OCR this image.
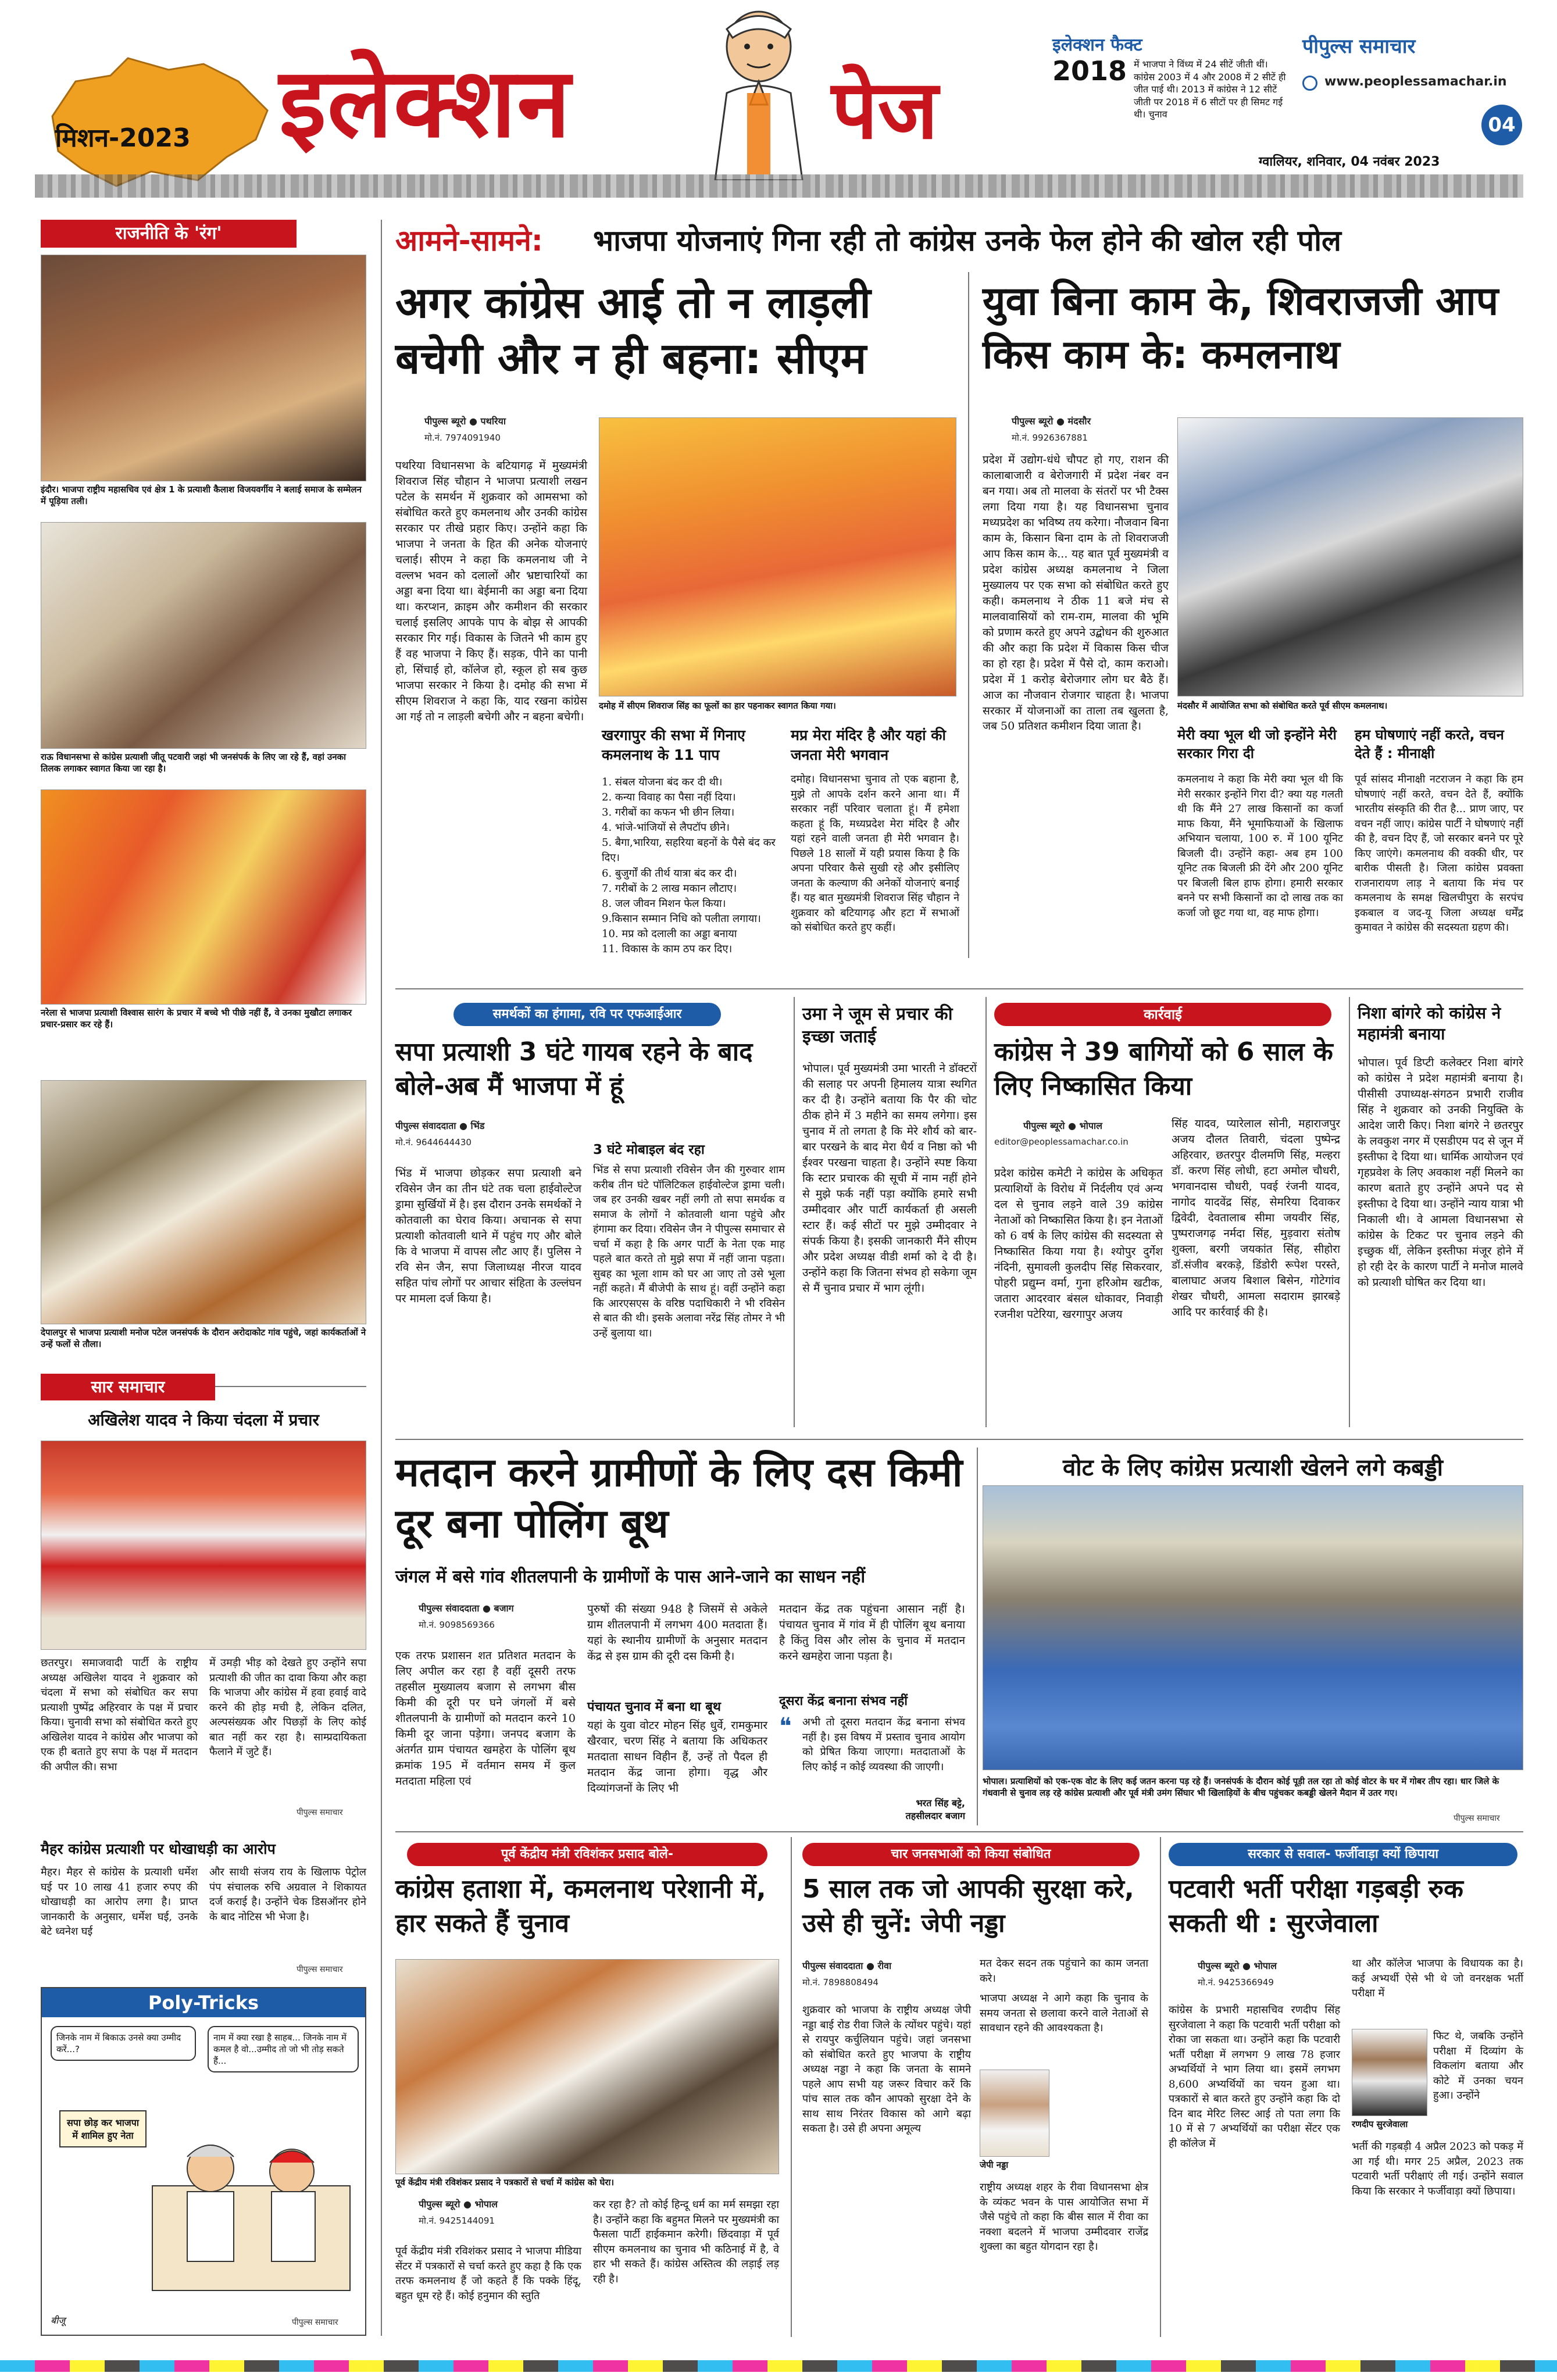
मिशन-2023 इलेक्शन	पेज
इलेक्शन फैक्ट
2018 में भाजपा ने विंध्य में 24 सीटें जीती थीं। कांग्रेस 2003 में 4 और 2008 में 2 सीटें ही जीत पाई थी। 2013 में कांग्रेस ने 12 सीटें जीती पर 2018 में 6 सीटों पर ही सिमट गई थी। चुनाव
पीपुल्स समाचार
www.peoplessamachar.in
04
ग्वालियर, शनिवार, 04 नवंबर 2023
राजनीति के 'रंग'
इंदौर। भाजपा राष्ट्रीय महासचिव एवं क्षेत्र 1 के प्रत्याशी कैलाश विजयवर्गीय ने बलाई समाज के सम्मेलन में पूड़िया तली।
राऊ विधानसभा से कांग्रेस प्रत्याशी जीतू पटवारी जहां भी जनसंपर्क के लिए जा रहे हैं, वहां उनका तिलक लगाकर स्वागत किया जा रहा है।
नरेला से भाजपा प्रत्याशी विश्वास सारंग के प्रचार में बच्चे भी पीछे नहीं हैं, वे उनका मुखौटा लगाकर प्रचार-प्रसार कर रहे हैं।
देपालपुर से भाजपा प्रत्याशी मनोज पटेल जनसंपर्क के दौरान अरोदाकोट गांव पहुंचे, जहां कार्यकर्ताओं ने उन्हें फलों से तौला।
सार समाचार
अखिलेश यादव ने किया चंदला में प्रचार
छतरपुर। समाजवादी पार्टी के राष्ट्रीय अध्यक्ष अखिलेश यादव ने शुक्रवार को चंदला में सभा को संबोधित कर सपा प्रत्याशी पुष्पेंद्र अहिरवार के पक्ष में प्रचार किया। चुनावी सभा को संबोधित करते हुए अखिलेश यादव ने कांग्रेस और भाजपा को एक ही बताते हुए सपा के पक्ष में मतदान की अपील की। सभा
में उमड़ी भीड़ को देखते हुए उन्होंने सपा प्रत्याशी की जीत का दावा किया और कहा कि भाजपा और कांग्रेस में हवा हवाई वादे करने की होड़ मची है, लेकिन दलित, अल्पसंख्यक और पिछड़ों के लिए कोई बात नहीं कर रहा है। साम्प्रदायिकता फैलाने में जुटे हैं।
पीपुल्स समाचार
मैहर कांग्रेस प्रत्याशी पर धोखाधड़ी का आरोप
मैहर। मैहर से कांग्रेस के प्रत्याशी धर्मेश घई पर 10 लाख 41 हजार रुपए की धोखाधड़ी का आरोप लगा है। प्राप्त जानकारी के अनुसार, धर्मेश घई, उनके बेटे ध्वनेश घई
और साथी संजय राय के खिलाफ पेट्रोल पंप संचालक रुचि अग्रवाल ने शिकायत दर्ज कराई है। उन्होंने चेक डिसऑनर होने के बाद नोटिस भी भेजा है।
पीपुल्स समाचार
Poly-Tricks
जिनके नाम में बिकाऊ उनसे क्या उम्मीद करें...?
नाम में क्या रखा है साहब... जिनके नाम में कमल है वो...उम्मीद तो जो भी तोड़ सकते हैं...
सपा छोड़ कर भाजपा में शामिल हुए नेता
बीजू	पीपुल्स समाचार
आमने-सामने: भाजपा योजनाएं गिना रही तो कांग्रेस उनके फेल होने की खोल रही पोल
अगर कांग्रेस आई तो न लाड़ली बचेगी और न ही बहना: सीएम
पीपुल्स ब्यूरो ● पथरिया
मो.नं. 7974091940
पथरिया विधानसभा के बटियागढ़ में मुख्यमंत्री शिवराज सिंह चौहान ने भाजपा प्रत्याशी लखन पटेल के समर्थन में शुक्रवार को आमसभा को संबोधित करते हुए कमलनाथ और उनकी कांग्रेस सरकार पर तीखे प्रहार किए। उन्होंने कहा कि भाजपा ने जनता के हित की अनेक योजनाएं चलाई। सीएम ने कहा कि कमलनाथ जी ने वल्लभ भवन को दलालों और भ्रष्टाचारियों का अड्डा बना दिया था। बेईमानी का अड्डा बना दिया था। करप्शन, क्राइम और कमीशन की सरकार चलाई इसलिए आपके पाप के बोझ से आपकी सरकार गिर गई। विकास के जितने भी काम हुए हैं वह भाजपा ने किए हैं। सड़क, पीने का पानी हो, सिंचाई हो, कॉलेज हो, स्कूल हो सब कुछ भाजपा सरकार ने किया है। दमोह की सभा में सीएम शिवराज ने कहा कि, याद रखना कांग्रेस आ गई तो न लाड़ली बचेगी और न बहना बचेगी।
दमोह में सीएम शिवराज सिंह का फूलों का हार पहनाकर स्वागत किया गया।
खरगापुर की सभा में गिनाए कमलनाथ के 11 पाप
1. संबल योजना बंद कर दी थी।
2. कन्या विवाह का पैसा नहीं दिया।
3. गरीबों का कफन भी छीन लिया।
4. भांजे-भांजियों से लैपटॉप छीने।
5. बैगा,भारिया, सहरिया बहनों के पैसे बंद कर दिए।
6. बुजुर्गों की तीर्थ यात्रा बंद कर दी।
7. गरीबों के 2 लाख मकान लौटाए।
8. जल जीवन मिशन फेल किया।
9.किसान सम्मान निधि को पलीता लगाया।
10. मप्र को दलाली का अड्डा बनाया
11. विकास के काम ठप कर दिए।
मप्र मेरा मंदिर है और यहां की जनता मेरी भगवान
दमोह। विधानसभा चुनाव तो एक बहाना है, मुझे तो आपके दर्शन करने आना था। मैं सरकार नहीं परिवार चलाता हूं। मैं हमेशा कहता हूं कि, मध्यप्रदेश मेरा मंदिर है और यहां रहने वाली जनता ही मेरी भगवान है। पिछले 18 सालों में यही प्रयास किया है कि अपना परिवार कैसे सुखी रहे और इसीलिए जनता के कल्याण की अनेकों योजनाएं बनाई हैं। यह बात मुख्यमंत्री शिवराज सिंह चौहान ने शुक्रवार को बटियागढ़ और हटा में सभाओं को संबोधित करते हुए कहीं।
युवा बिना काम के, शिवराजजी आप किस काम के: कमलनाथ
पीपुल्स ब्यूरो ● मंदसौर
मो.नं. 9926367881
प्रदेश में उद्योग-धंधे चौपट हो गए, राशन की कालाबाजारी व बेरोजगारी में प्रदेश नंबर वन बन गया। अब तो मालवा के संतरों पर भी टैक्स लगा दिया गया है। यह विधानसभा चुनाव मध्यप्रदेश का भविष्य तय करेगा। नौजवान बिना काम के, किसान बिना दाम के तो शिवराजजी आप किस काम के... यह बात पूर्व मुख्यमंत्री व प्रदेश कांग्रेस अध्यक्ष कमलनाथ ने जिला मुख्यालय पर एक सभा को संबोधित करते हुए कही। कमलनाथ ने ठीक 11 बजे मंच से मालवावासियों को राम-राम, मालवा की भूमि को प्रणाम करते हुए अपने उद्बोधन की शुरुआत की और कहा कि प्रदेश में विकास किस चीज का हो रहा है। प्रदेश में पैसे दो, काम कराओ। प्रदेश में 1 करोड़ बेरोजगार लोग घर बैठे हैं। आज का नौजवान रोजगार चाहता है। भाजपा सरकार में योजनाओं का ताला तब खुलता है, जब 50 प्रतिशत कमीशन दिया जाता है।
मंदसौर में आयोजित सभा को संबोधित करते पूर्व सीएम कमलनाथ।
मेरी क्या भूल थी जो इन्होंने मेरी सरकार गिरा दी
कमलनाथ ने कहा कि मेरी क्या भूल थी कि मेरी सरकार इन्होंने गिरा दी? क्या यह गलती थी कि मैंने 27 लाख किसानों का कर्जा माफ किया, मैंने भूमाफियाओं के खिलाफ अभियान चलाया, 100 रु. में 100 यूनिट बिजली दी। उन्होंने कहा- अब हम 100 यूनिट तक बिजली फ्री देंगे और 200 यूनिट पर बिजली बिल हाफ होगा। हमारी सरकार बनने पर सभी किसानों का दो लाख तक का कर्जा जो छूट गया था, वह माफ होगा।
हम घोषणाएं नहीं करते, वचन देते हैं : मीनाक्षी
पूर्व सांसद मीनाक्षी नटराजन ने कहा कि हम घोषणाएं नहीं करते, वचन देते हैं, क्योंकि भारतीय संस्कृति की रीत है... प्राण जाए, पर वचन नहीं जाए। कांग्रेस पार्टी ने घोषणाएं नहीं की है, वचन दिए हैं, जो सरकार बनने पर पूरे किए जाएंगे। कमलनाथ की वक्की धीर, पर बारीक पीसती है। जिला कांग्रेस प्रवक्ता राजनारायण लाड़ ने बताया कि मंच पर कमलनाथ के समक्ष खिलचीपुरा के सरपंच इकबाल व जद-यू जिला अध्यक्ष धर्मेंद्र कुमावत ने कांग्रेस की सदस्यता ग्रहण की।
समर्थकों का हंगामा, रवि पर एफआईआर
सपा प्रत्याशी 3 घंटे गायब रहने के बाद बोले-अब मैं भाजपा में हूं
पीपुल्स संवाददाता ● भिंड
मो.नं. 9644644430
भिंड में भाजपा छोड़कर सपा प्रत्याशी बने रविसेन जैन का तीन घंटे तक चला हाईवोल्टेज ड्रामा सुर्खियों में है। इस दौरान उनके समर्थकों ने कोतवाली का घेराव किया। अचानक से सपा प्रत्याशी कोतवाली थाने में पहुंच गए और बोले कि वे भाजपा में वापस लौट आए हैं। पुलिस ने रवि सेन जैन, सपा जिलाध्यक्ष नीरज यादव सहित पांच लोगों पर आचार संहिता के उल्लंघन पर मामला दर्ज किया है।
3 घंटे मोबाइल बंद रहा
भिंड से सपा प्रत्याशी रविसेन जैन की गुरुवार शाम करीब तीन घंटे पॉलिटिकल हाईवोल्टेज ड्रामा चली। जब हर उनकी खबर नहीं लगी तो सपा समर्थक व समाज के लोगों ने कोतवाली थाना पहुंचे और हंगामा कर दिया। रविसेन जैन ने पीपुल्स समाचार से चर्चा में कहा है कि अगर पार्टी के नेता एक माह पहले बात करते तो मुझे सपा में नहीं जाना पड़ता। सुबह का भूला शाम को घर आ जाए तो उसे भूला नहीं कहते। मैं बीजेपी के साथ हूं। वहीं उन्होंने कहा कि आरएसएस के वरिष्ठ पदाधिकारी ने भी रविसेन से बात की थी। इसके अलावा नरेंद्र सिंह तोमर ने भी उन्हें बुलाया था।
उमा ने जूम से प्रचार की इच्छा जताई
भोपाल। पूर्व मुख्यमंत्री उमा भारती ने डॉक्टरों की सलाह पर अपनी हिमालय यात्रा स्थगित कर दी है। उन्होंने बताया कि पैर की चोट ठीक होने में 3 महीने का समय लगेगा। इस चुनाव में तो लगता है कि मेरे शौर्य को बार-बार परखने के बाद मेरा धैर्य व निष्ठा को भी ईश्वर परखना चाहता है। उन्होंने स्पष्ट किया कि स्टार प्रचारक की सूची में नाम नहीं होने से मुझे फर्क नहीं पड़ा क्योंकि हमारे सभी उम्मीदवार और पार्टी कार्यकर्ता ही असली स्टार हैं। कई सीटों पर मुझे उम्मीदवार ने संपर्क किया है। इसकी जानकारी मैंने सीएम और प्रदेश अध्यक्ष वीडी शर्मा को दे दी है। उन्होंने कहा कि जितना संभव हो सकेगा जूम से मैं चुनाव प्रचार में भाग लूंगी।
कार्रवाई
कांग्रेस ने 39 बागियों को 6 साल के लिए निष्कासित किया
पीपुल्स ब्यूरो ● भोपाल
editor@peoplessamachar.co.in
प्रदेश कांग्रेस कमेटी ने कांग्रेस के अधिकृत प्रत्याशियों के विरोध में निर्दलीय एवं अन्य दल से चुनाव लड़ने वाले 39 कांग्रेस नेताओं को निष्कासित किया है। इन नेताओं को 6 वर्ष के लिए कांग्रेस की सदस्यता से निष्कासित किया गया है। श्योपुर दुर्गेश नंदिनी, सुमावली कुलदीप सिंह सिकरवार, पोहरी प्रद्युम्न वर्मा, गुना हरिओम खटीक, जतारा आदरवार बंसल धोकावर, निवाड़ी रजनीश पटेरिया, खरगापुर अजय
सिंह यादव, प्यारेलाल सोनी, महाराजपुर अजय दौलत तिवारी, चंदला पुष्पेन्द्र अहिरवार, छतरपुर दीलमणि सिंह, मल्हरा डॉ. करण सिंह लोधी, हटा अमोल चौधरी, भगवानदास चौधरी, पवई रंजनी यादव, नागोद यादवेंद्र सिंह, सेमरिया दिवाकर द्विवेदी, देवतालाब सीमा जयवीर सिंह, पुष्पराजगढ़ नर्मदा सिंह, मुड़वारा संतोष शुक्ला, बरगी जयकांत सिंह, सीहोरा डॉ.संजीव बरकड़े, डिंडोरी रूपेश परस्ते, बालाघाट अजय बिशाल बिसेन, गोटेगांव शेखर चौधरी, आमला सदाराम झारबड़े आदि पर कार्रवाई की है।
निशा बांगरे को कांग्रेस ने महामंत्री बनाया
भोपाल। पूर्व डिप्टी कलेक्टर निशा बांगरे को कांग्रेस ने प्रदेश महामंत्री बनाया है। पीसीसी उपाध्यक्ष-संगठन प्रभारी राजीव सिंह ने शुक्रवार को उनकी नियुक्ति के आदेश जारी किए। निशा बांगरे ने छतरपुर के लवकुश नगर में एसडीएम पद से जून में इस्तीफा दे दिया था। धार्मिक आयोजन एवं गृहप्रवेश के लिए अवकाश नहीं मिलने का कारण बताते हुए उन्होंने अपने पद से इस्तीफा दे दिया था। उन्होंने न्याय यात्रा भी निकाली थी। वे आमला विधानसभा से कांग्रेस के टिकट पर चुनाव लड़ने की इच्छुक थीं, लेकिन इस्तीफा मंजूर होने में हो रही देर के कारण पार्टी ने मनोज मालवे को प्रत्याशी घोषित कर दिया था।
मतदान करने ग्रामीणों के लिए दस किमी दूर बना पोलिंग बूथ
जंगल में बसे गांव शीतलपानी के ग्रामीणों के पास आने-जाने का साधन नहीं
पीपुल्स संवाददाता ● बजाग
मो.नं. 9098569366
एक तरफ प्रशासन शत प्रतिशत मतदान के लिए अपील कर रहा है वहीं दूसरी तरफ तहसील मुख्यालय बजाग से लगभग बीस किमी की दूरी पर घने जंगलों में बसे शीतलपानी के ग्रामीणों को मतदान करने 10 किमी दूर जाना पड़ेगा। जनपद बजाग के अंतर्गत ग्राम पंचायत खमहेरा के पोलिंग बूथ क्रमांक 195 में वर्तमान समय में कुल मतदाता महिला एवं
पुरुषों की संख्या 948 है जिसमें से अकेले ग्राम शीतलपानी में लगभग 400 मतदाता हैं। यहां के स्थानीय ग्रामीणों के अनुसार मतदान केंद्र से इस ग्राम की दूरी दस किमी है।
पंचायत चुनाव में बना था बूथ
यहां के युवा वोटर मोहन सिंह धुर्वे, रामकुमार खैरवार, चरण सिंह ने बताया कि अधिकतर मतदाता साधन विहीन हैं, उन्हें तो पैदल ही मतदान केंद्र जाना होगा। वृद्ध और दिव्यांगजनों के लिए भी
मतदान केंद्र तक पहुंचना आसान नहीं है। पंचायत चुनाव में गांव में ही पोलिंग बूथ बनाया है किंतु विस और लोस के चुनाव में मतदान करने खमहेरा जाना पड़ता है।
दूसरा केंद्र बनाना संभव नहीं
❝ अभी तो दूसरा मतदान केंद्र बनाना संभव नहीं है। इस विषय में प्रस्ताव चुनाव आयोग को प्रेषित किया जाएगा। मतदाताओं के लिए कोई न कोई व्यवस्था की जाएगी।
भरत सिंह बट्टे,
तहसीलदार बजाग
वोट के लिए कांग्रेस प्रत्याशी खेलने लगे कबड्डी
भोपाल। प्रत्याशियों को एक-एक वोट के लिए कई जतन करना पड़ रहे हैं। जनसंपर्क के दौरान कोई पूड़ी तल रहा तो कोई वोटर के घर में गोबर तीप रहा। धार जिले के गंधवानी से चुनाव लड़ रहे कांग्रेस प्रत्याशी और पूर्व मंत्री उमंग सिंघार भी खिलाड़ियों के बीच पहुंचकर कबड्डी खेलने मैदान में उतर गए।
पीपुल्स समाचार
पूर्व केंद्रीय मंत्री रविशंकर प्रसाद बोले-
कांग्रेस हताशा में, कमलनाथ परेशानी में, हार सकते हैं चुनाव
पूर्व केंद्रीय मंत्री रविशंकर प्रसाद ने पत्रकारों से चर्चा में कांग्रेस को घेरा।
पीपुल्स ब्यूरो ● भोपाल
मो.नं. 9425144091
पूर्व केंद्रीय मंत्री रविशंकर प्रसाद ने भाजपा मीडिया सेंटर में पत्रकारों से चर्चा करते हुए कहा है कि एक तरफ कमलनाथ हैं जो कहते हैं कि पक्के हिंदू, बहुत धूम रहे हैं। कोई हनुमान की स्तुति
कर रहा है? तो कोई हिन्दू धर्म का मर्म समझा रहा है। उन्होंने कहा कि बहुमत मिलने पर मुख्यमंत्री का फैसला पार्टी हाईकमान करेगी। छिंदवाड़ा में पूर्व सीएम कमलनाथ का चुनाव भी कठिनाई में है, वे हार भी सकते हैं। कांग्रेस अस्तित्व की लड़ाई लड़ रही है।
चार जनसभाओं को किया संबोधित
5 साल तक जो आपकी सुरक्षा करे, उसे ही चुनें: जेपी नड्डा
पीपुल्स संवाददाता ● रीवा
मो.नं. 7898808494
शुक्रवार को भाजपा के राष्ट्रीय अध्यक्ष जेपी नड्डा बाई रोड रीवा जिले के त्योंथर पहुंचे। यहां से रायपुर कर्चुलियान पहुंचे। जहां जनसभा को संबोधित करते हुए भाजपा के राष्ट्रीय अध्यक्ष नड्डा ने कहा कि जनता के सामने पहले आप सभी यह जरूर विचार करें कि पांच साल तक कौन आपको सुरक्षा देने के साथ साथ निरंतर विकास को आगे बढ़ा सकता है। उसे ही अपना अमूल्य
मत देकर सदन तक पहुंचाने का काम जनता करे।
भाजपा अध्यक्ष ने आगे कहा कि चुनाव के समय जनता से छलावा करने वाले नेताओं से सावधान रहने की आवश्यकता है।
जेपी नड्डा
राष्ट्रीय अध्यक्ष शहर के रीवा विधानसभा क्षेत्र के व्यंकट भवन के पास आयोजित सभा में जैसे पहुंचे तो कहा कि बीस साल में रीवा का नक्शा बदलने में भाजपा उम्मीदवार राजेंद्र शुक्ला का बहुत योगदान रहा है।
सरकार से सवाल- फर्जीवाड़ा क्यों छिपाया
पटवारी भर्ती परीक्षा गड़बड़ी रुक सकती थी : सुरजेवाला
पीपुल्स ब्यूरो ● भोपाल
मो.नं. 9425366949
कांग्रेस के प्रभारी महासचिव रणदीप सिंह सुरजेवाला ने कहा कि पटवारी भर्ती परीक्षा को रोका जा सकता था। उन्होंने कहा कि पटवारी भर्ती परीक्षा में लगभग 9 लाख 78 हजार अभ्यर्थियों ने भाग लिया था। इसमें लगभग 8,600 अभ्यर्थियों का चयन हुआ था। पत्रकारों से बात करते हुए उन्होंने कहा कि दो दिन बाद मेरिट लिस्ट आई तो पता लगा कि 10 में से 7 अभ्यर्थियों का परीक्षा सेंटर एक ही कॉलेज में
था और कॉलेज भाजपा के विधायक का है। कई अभ्यर्थी ऐसे भी थे जो वनरक्षक भर्ती परीक्षा में
रणदीप सुरजेवाला
फिट थे, जबकि उन्होंने परीक्षा में दिव्यांग के विकलांग बताया और कोटे में उनका चयन हुआ। उन्होंने
भर्ती की गड़बड़ी 4 अप्रैल 2023 को पकड़ में आ गई थी। मगर 25 अप्रैल, 2023 तक पटवारी भर्ती परीक्षाएं ली गई। उन्होंने सवाल किया कि सरकार ने फर्जीवाड़ा क्यों छिपाया।
